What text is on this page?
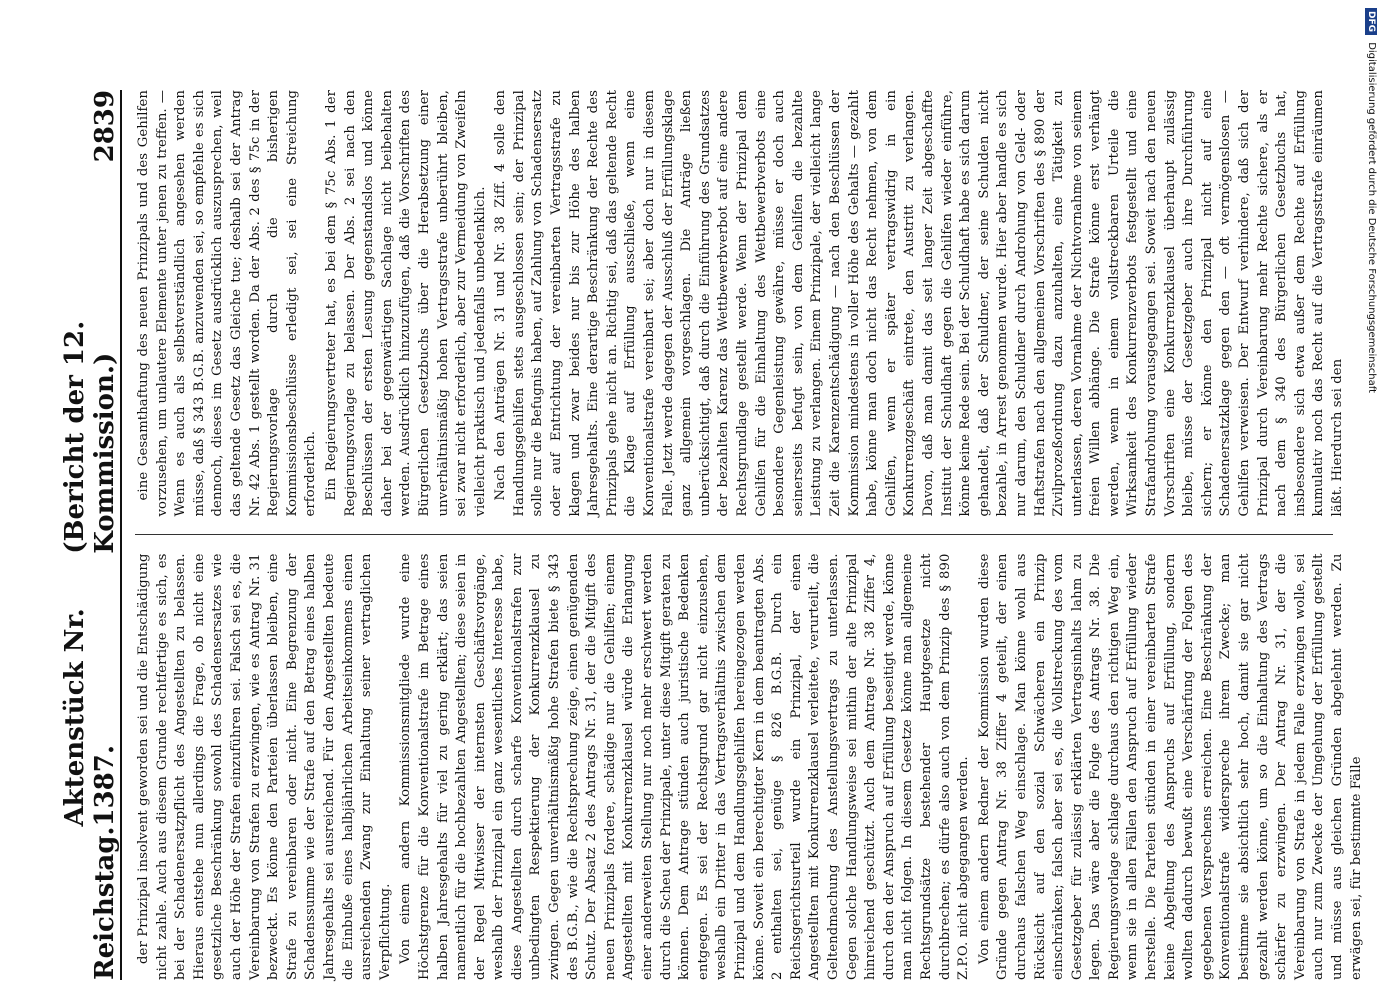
Reichstag.
Aktenstück Nr. 1387.
(Bericht der 12. Kommission.)
2839

der Prinzipal insolvent geworden sei und die Entschädigung nicht zahle. Auch aus diesem Grunde rechtfertige es sich, es bei der Schadenersatzpflicht des Angestellten zu belassen. Hieraus entstehe nun allerdings die Frage, ob nicht eine gesetzliche Beschränkung sowohl des Schadensersatzes wie auch der Höhe der Strafen einzuführen sei. Falsch sei es, die Vereinbarung von Strafen zu erzwingen, wie es Antrag Nr. 31 bezweckt. Es könne den Parteien überlassen bleiben, eine Strafe zu vereinbaren oder nicht. Eine Begrenzung der Schadenssumme wie der Strafe auf den Betrag eines halben Jahresgehalts sei ausreichend. Für den Angestellten bedeute die Einbuße eines halbjährlichen Arbeitseinkommens einen ausreichenden Zwang zur Einhaltung seiner vertraglichen Verpflichtung. Von einem andern Kommissionsmitgliede wurde eine Höchstgrenze für die Konventionalstrafe im Betrage eines halben Jahresgehalts für viel zu gering erklärt; das seien namentlich für die hochbezahlten Angestellten; diese seien in der Regel Mitwisser der internsten Geschäftsvorgänge, weshalb der Prinzipal ein ganz wesentliches Interesse habe, diese Angestellten durch scharfe Konventionalstrafen zur unbedingten Respektierung der Konkurrenzklausel zu zwingen. Gegen unverhältnismäßig hohe Strafen biete § 343 des B.G.B., wie die Rechtsprechung zeige, einen genügenden Schutz. Der Absatz 2 des Antrags Nr. 31, der die Mitgift des neuen Prinzipals fordere, schädige nur die Gehilfen; einem Angestellten mit Konkurrenzklausel würde die Erlangung einer anderweiten Stellung nur noch mehr erschwert werden durch die Scheu der Prinzipale, unter diese Mitgift geraten zu können. Dem Antrage stünden auch juristische Bedenken entgegen. Es sei der Rechtsgrund gar nicht einzusehen, weshalb ein Dritter in das Vertragsverhältnis zwischen dem Prinzipal und dem Handlungsgehilfen hereingezogen werden könne. Soweit ein berechtigter Kern in dem beantragten Abs. 2 enthalten sei, genüge § 826 B.G.B. Durch ein Reichsgerichtsurteil wurde ein Prinzipal, der einen Angestellten mit Konkurrenzklausel verleitete, verurteilt, die Geltendmachung des Anstellungsvertrags zu unterlassen. Gegen solche Handlungsweise sei mithin der alte Prinzipal hinreichend geschützt. Auch dem Antrage Nr. 38 Ziffer 4, durch den der Anspruch auf Erfüllung beseitigt werde, könne man nicht folgen. In diesem Gesetze könne man allgemeine Rechtsgrundsätze bestehender Hauptgesetze nicht durchbrechen; es dürfe also auch von dem Prinzip des § 890 Z.P.O. nicht abgegangen werden. Von einem andern Redner der Kommission wurden diese Gründe gegen Antrag Nr. 38 Ziffer 4 geteilt, der einen durchaus falschen Weg einschlage. Man könne wohl aus Rücksicht auf den sozial Schwächeren ein Prinzip einschränken; falsch aber sei es, die Vollstreckung des vom Gesetzgeber für zulässig erklärten Vertragsinhalts lahm zu legen. Das wäre aber die Folge des Antrags Nr. 38. Die Regierungsvorlage schlage durchaus den richtigen Weg ein, wenn sie in allen Fällen den Anspruch auf Erfüllung wieder herstelle. Die Parteien stünden in einer vereinbarten Strafe keine Abgeltung des Anspruchs auf Erfüllung, sondern wollten dadurch bewußt eine Verschärfung der Folgen des gegebenen Versprechens erreichen. Eine Beschränkung der Konventionalstrafe widerspreche ihrem Zwecke; man bestimme sie absichtlich sehr hoch, damit sie gar nicht gezahlt werden könne, um so die Einhaltung des Vertrags schärfer zu erzwingen. Der Antrag Nr. 31, der die Vereinbarung von Strafe in jedem Falle erzwingen wolle, sei auch nur zum Zwecke der Umgehung der Erfüllung gestellt und müsse aus gleichen Gründen abgelehnt werden. Zu erwägen sei, für bestimmte Fälle

eine Gesamthaftung des neuen Prinzipals und des Gehilfen vorzusehen, um unlautere Elemente unter jenen zu treffen. — Wenn es auch als selbstverständlich angesehen werden müsse, daß § 343 B.G.B. anzuwenden sei, so empfehle es sich dennoch, dieses im Gesetz ausdrücklich auszusprechen, weil das geltende Gesetz das Gleiche tue; deshalb sei der Antrag Nr. 42 Abs. 1 gestellt worden. Da der Abs. 2 des § 75c in der Regierungsvorlage durch die bisherigen Kommissionsbeschlüsse erledigt sei, sei eine Streichung erforderlich. Ein Regierungsvertreter hat, es bei dem § 75c Abs. 1 der Regierungsvorlage zu belassen. Der Abs. 2 sei nach den Beschlüssen der ersten Lesung gegenstandslos und könne daher bei der gegenwärtigen Sachlage nicht beibehalten werden. Ausdrücklich hinzuzufügen, daß die Vorschriften des Bürgerlichen Gesetzbuchs über die Herabsetzung einer unverhältnismäßig hohen Vertragsstrafe unberührt bleiben, sei zwar nicht erforderlich, aber zur Vermeidung von Zweifeln vielleicht praktisch und jedenfalls unbedenklich. Nach den Anträgen Nr. 31 und Nr. 38 Ziff. 4 solle den Handlungsgehilfen stets ausgeschlossen sein; der Prinzipal solle nur die Befugnis haben, auf Zahlung von Schadensersatz oder auf Entrichtung der vereinbarten Vertragsstrafe zu klagen und zwar beides nur bis zur Höhe des halben Jahresgehalts. Eine derartige Beschränkung der Rechte des Prinzipals gehe nicht an. Richtig sei, daß das geltende Recht die Klage auf Erfüllung ausschließe, wenn eine Konventionalstrafe vereinbart sei; aber doch nur in diesem Falle. Jetzt werde dagegen der Ausschluß der Erfüllungsklage ganz allgemein vorgeschlagen. Die Anträge ließen unberücksichtigt, daß durch die Einführung des Grundsatzes der bezahlten Karenz das Wettbewerbverbot auf eine andere Rechtsgrundlage gestellt werde. Wenn der Prinzipal dem Gehilfen für die Einhaltung des Wettbewerbverbots eine besondere Gegenleistung gewähre, müsse er doch auch seinerseits befugt sein, von dem Gehilfen die bezahlte Leistung zu verlangen. Einem Prinzipale, der vielleicht lange Zeit die Karenzentschädigung — nach den Beschlüssen der Kommission mindestens in voller Höhe des Gehalts — gezahlt habe, könne man doch nicht das Recht nehmen, von dem Gehilfen, wenn er später vertragswidrig in ein Konkurrenzgeschäft eintrete, den Austritt zu verlangen. Davon, daß man damit das seit langer Zeit abgeschaffte Institut der Schuldhaft gegen die Gehilfen wieder einführe, könne keine Rede sein. Bei der Schuldhaft habe es sich darum gehandelt, daß der Schuldner, der seine Schulden nicht bezahle, in Arrest genommen wurde. Hier aber handle es sich nur darum, den Schuldner durch Androhung von Geld- oder Haftstrafen nach den allgemeinen Vorschriften des § 890 der Zivilprozeßordnung dazu anzuhalten, eine Tätigkeit zu unterlassen, deren Vornahme der Nichtvornahme von seinem freien Willen abhänge. Die Strafe könne erst verhängt werden, wenn in einem vollstreckbaren Urteile die Wirksamkeit des Konkurrenzverbots festgestellt und eine Strafandrohung vorausgegangen sei. Soweit nach den neuen Vorschriften eine Konkurrenzklausel überhaupt zulässig bleibe, müsse der Gesetzgeber auch ihre Durchführung sichern; er könne den Prinzipal nicht auf eine Schadenersatzklage gegen den — oft vermögenslosen — Gehilfen verweisen. Der Entwurf verhindere, daß sich der Prinzipal durch Vereinbarung mehr Rechte sichere, als er nach dem § 340 des Bürgerlichen Gesetzbuchs hat, insbesondere sich etwa außer dem Rechte auf Erfüllung kumulativ noch das Recht auf die Vertragsstrafe einräumen läßt. Hierdurch sei den

DFG Digitalisierung gefördert durch die Deutsche Forschungsgemeinschaft
